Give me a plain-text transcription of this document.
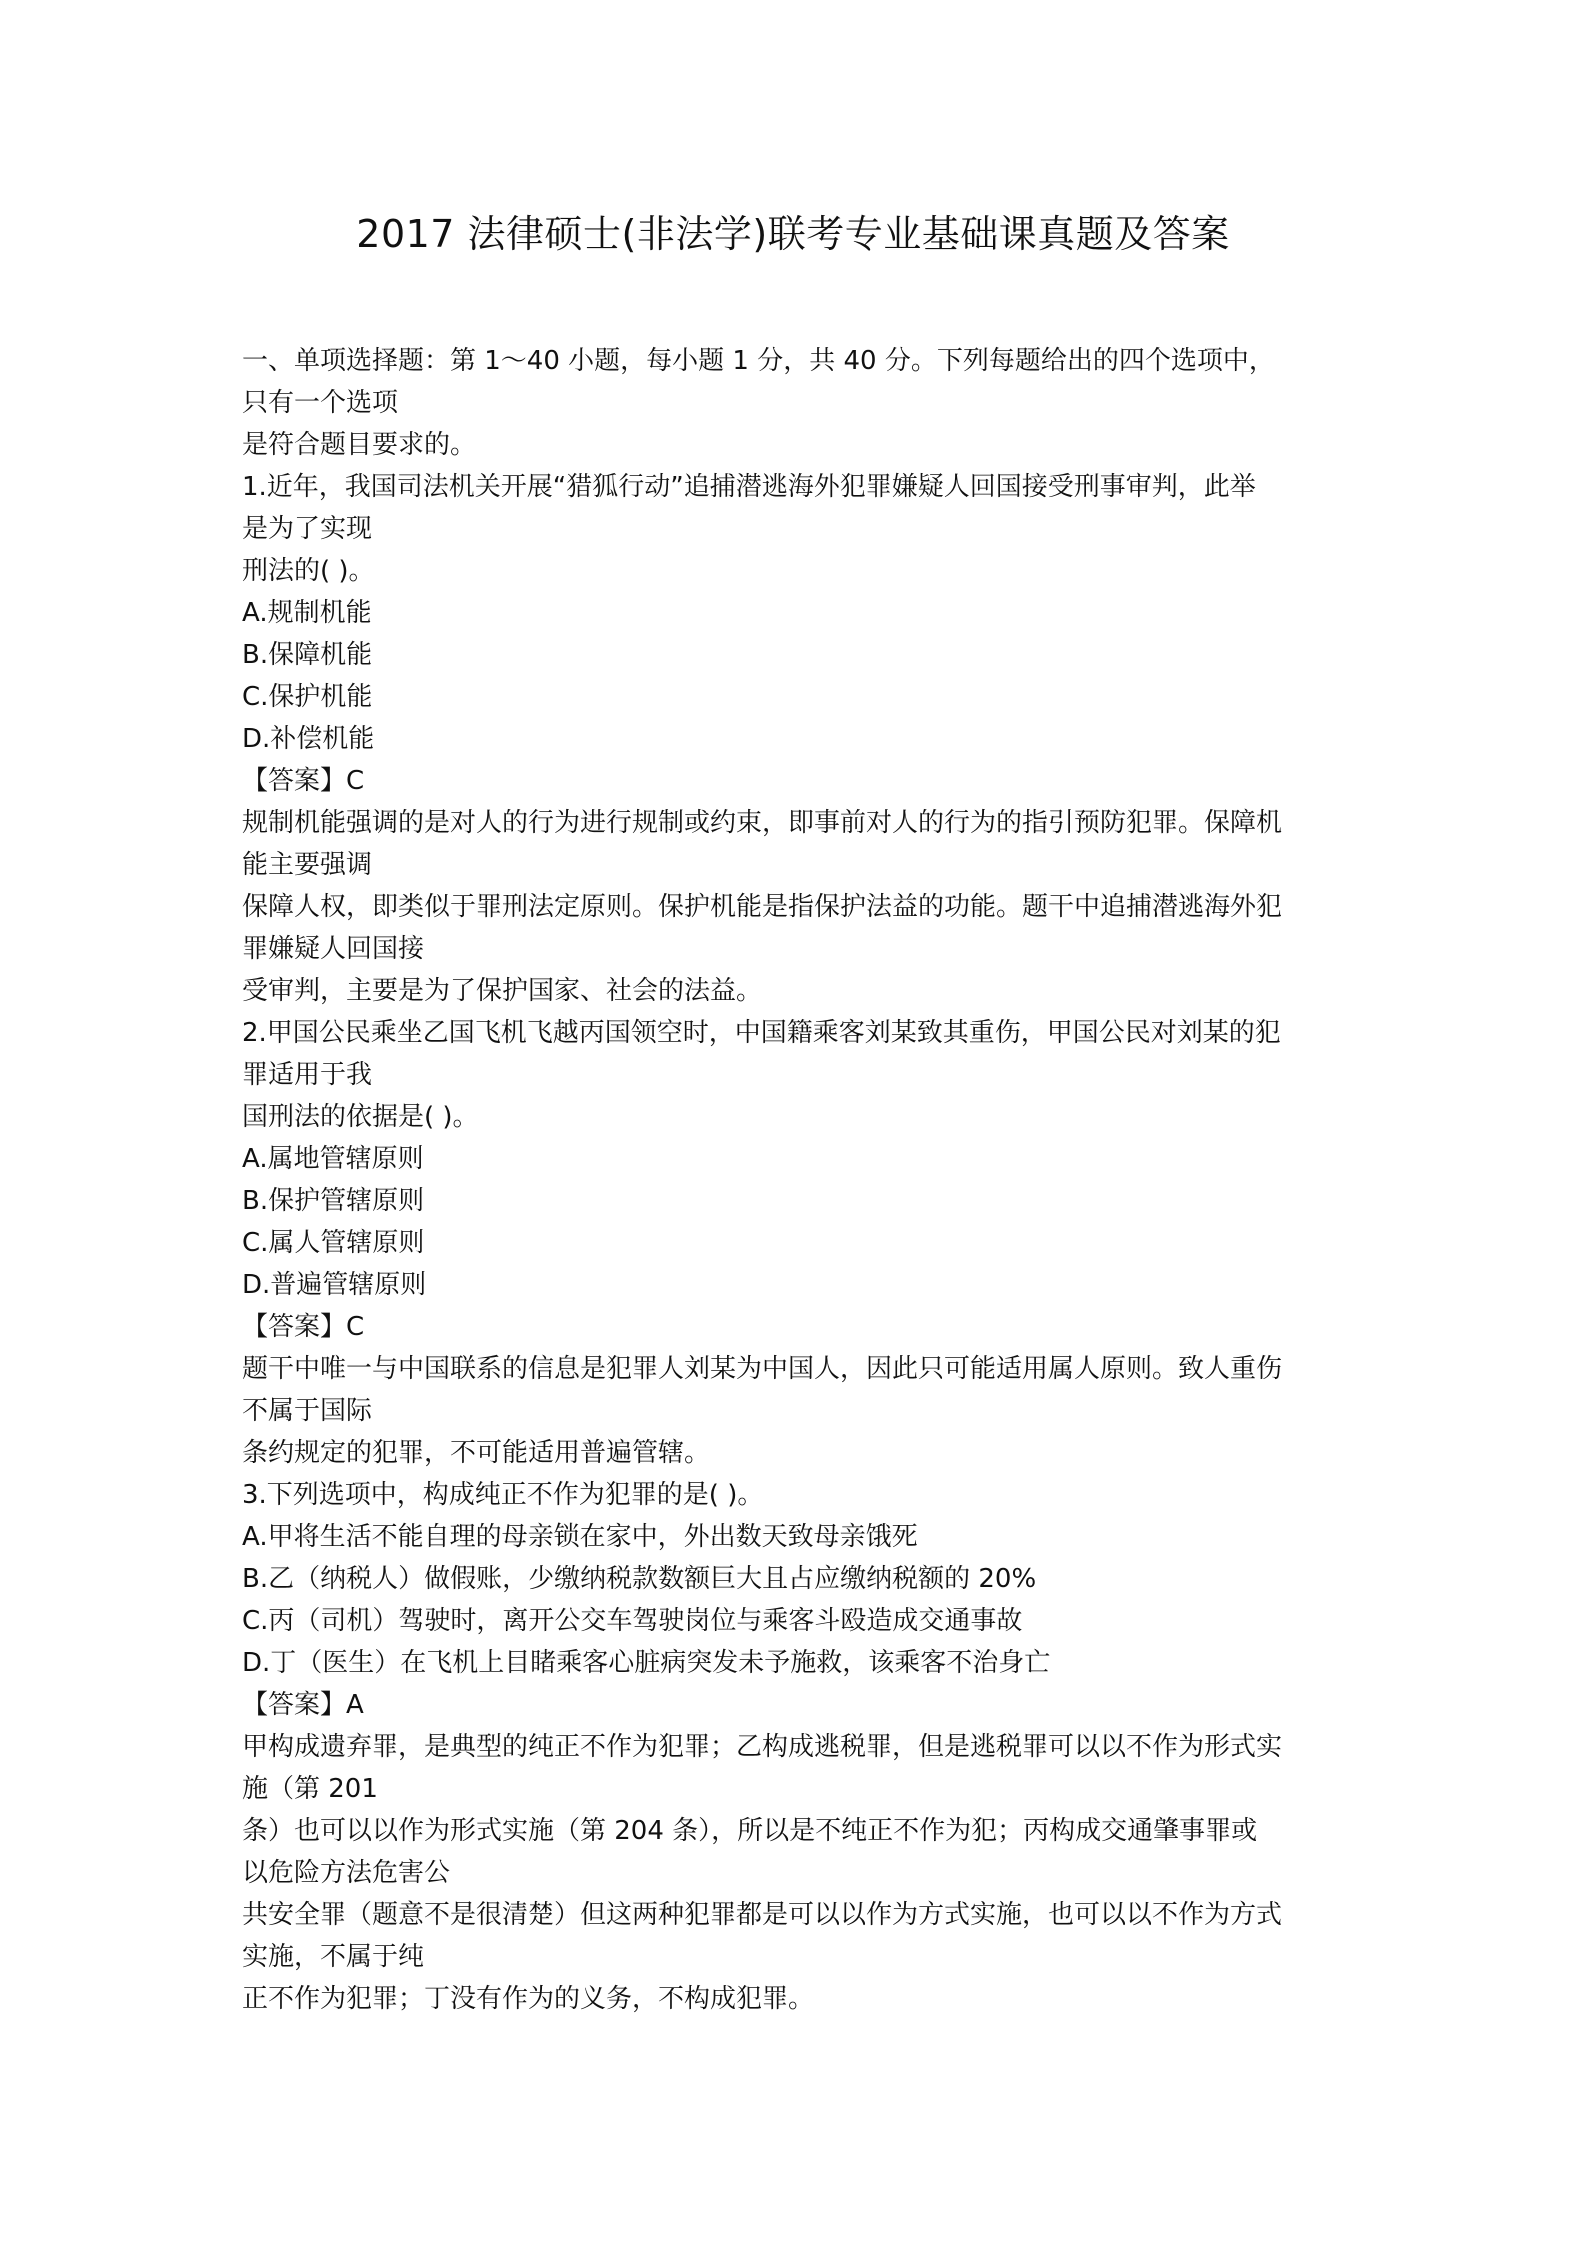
2017 法律硕士(非法学)联考专业基础课真题及答案
一、单项选择题：第 1～40 小题，每小题 1 分，共 40 分。下列每题给出的四个选项中，
只有一个选项
是符合题目要求的。
1.近年，我国司法机关开展“猎狐行动”追捕潜逃海外犯罪嫌疑人回国接受刑事审判，此举
是为了实现
刑法的( )。
A.规制机能
B.保障机能
C.保护机能
D.补偿机能
【答案】C
规制机能强调的是对人的行为进行规制或约束，即事前对人的行为的指引预防犯罪。保障机
能主要强调
保障人权，即类似于罪刑法定原则。保护机能是指保护法益的功能。题干中追捕潜逃海外犯
罪嫌疑人回国接
受审判，主要是为了保护国家、社会的法益。
2.甲国公民乘坐乙国飞机飞越丙国领空时，中国籍乘客刘某致其重伤，甲国公民对刘某的犯
罪适用于我
国刑法的依据是( )。
A.属地管辖原则
B.保护管辖原则
C.属人管辖原则
D.普遍管辖原则
【答案】C
题干中唯一与中国联系的信息是犯罪人刘某为中国人，因此只可能适用属人原则。致人重伤
不属于国际
条约规定的犯罪，不可能适用普遍管辖。
3.下列选项中，构成纯正不作为犯罪的是( )。
A.甲将生活不能自理的母亲锁在家中，外出数天致母亲饿死
B.乙（纳税人）做假账，少缴纳税款数额巨大且占应缴纳税额的 20%
C.丙（司机）驾驶时，离开公交车驾驶岗位与乘客斗殴造成交通事故
D.丁（医生）在飞机上目睹乘客心脏病突发未予施救，该乘客不治身亡
【答案】A
甲构成遗弃罪，是典型的纯正不作为犯罪；乙构成逃税罪，但是逃税罪可以以不作为形式实
施（第 201
条）也可以以作为形式实施（第 204 条），所以是不纯正不作为犯；丙构成交通肇事罪或
以危险方法危害公
共安全罪（题意不是很清楚）但这两种犯罪都是可以以作为方式实施，也可以以不作为方式
实施，不属于纯
正不作为犯罪；丁没有作为的义务，不构成犯罪。
